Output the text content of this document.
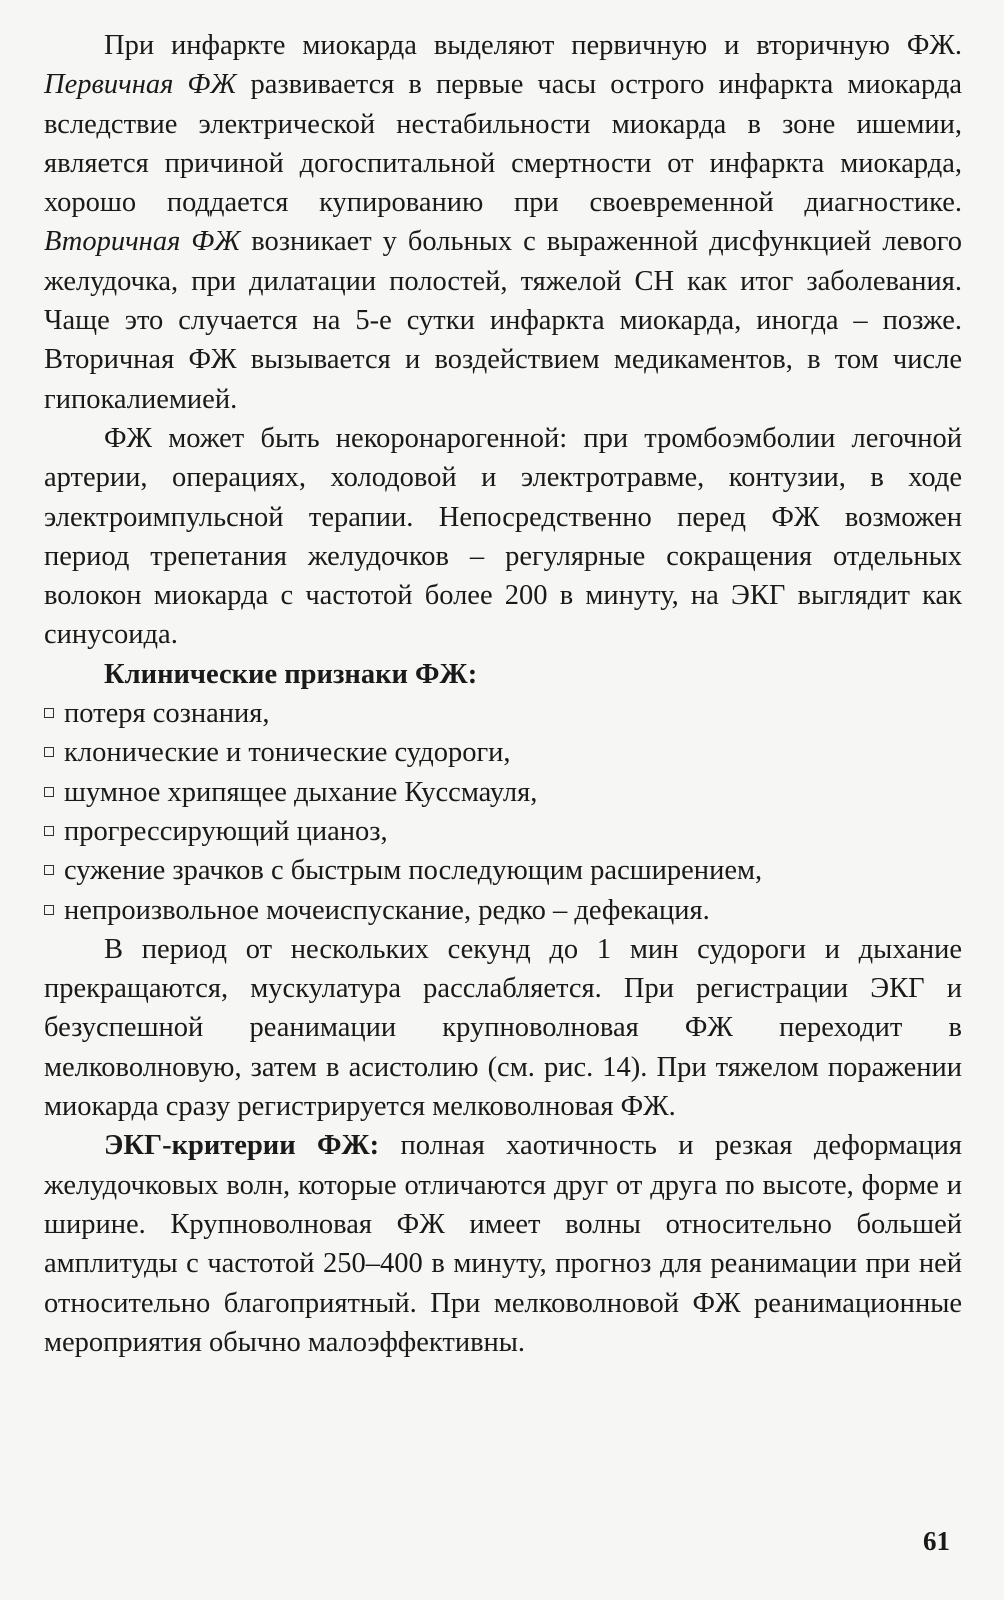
При инфаркте миокарда выделяют первичную и вторичную ФЖ. Первичная ФЖ развивается в первые часы острого инфаркта миокарда вследствие электрической нестабильности миокарда в зоне ишемии, является причиной догоспитальной смертности от инфаркта миокарда, хорошо поддается купированию при своевременной диагностике. Вторичная ФЖ возникает у больных с выраженной дисфункцией левого желудочка, при дилатации полостей, тяжелой СН как итог заболевания. Чаще это случается на 5-е сутки инфаркта миокарда, иногда – позже. Вторичная ФЖ вызывается и воздействием медикаментов, в том числе гипокалиемией.

ФЖ может быть некоронарогенной: при тромбоэмболии легочной артерии, операциях, холодовой и электротравме, контузии, в ходе электроимпульсной терапии. Непосредственно перед ФЖ возможен период трепетания желудочков – регулярные сокращения отдельных волокон миокарда с частотой более 200 в минуту, на ЭКГ выглядит как синусоида.

Клинические признаки ФЖ:

потеря сознания,
клонические и тонические судороги,
шумное хрипящее дыхание Куссмауля,
прогрессирующий цианоз,
сужение зрачков с быстрым последующим расширением,
непроизвольное мочеиспускание, редко – дефекация.

В период от нескольких секунд до 1 мин судороги и дыхание прекращаются, мускулатура расслабляется. При регистрации ЭКГ и безуспешной реанимации крупноволновая ФЖ переходит в мелковолновую, затем в асистолию (см. рис. 14). При тяжелом поражении миокарда сразу регистрируется мелковолновая ФЖ.

ЭКГ-критерии ФЖ: полная хаотичность и резкая деформация желудочковых волн, которые отличаются друг от друга по высоте, форме и ширине. Крупноволновая ФЖ имеет волны относительно большей амплитуды с частотой 250–400 в минуту, прогноз для реанимации при ней относительно благоприятный. При мелковолновой ФЖ реанимационные мероприятия обычно малоэффективны.

61
